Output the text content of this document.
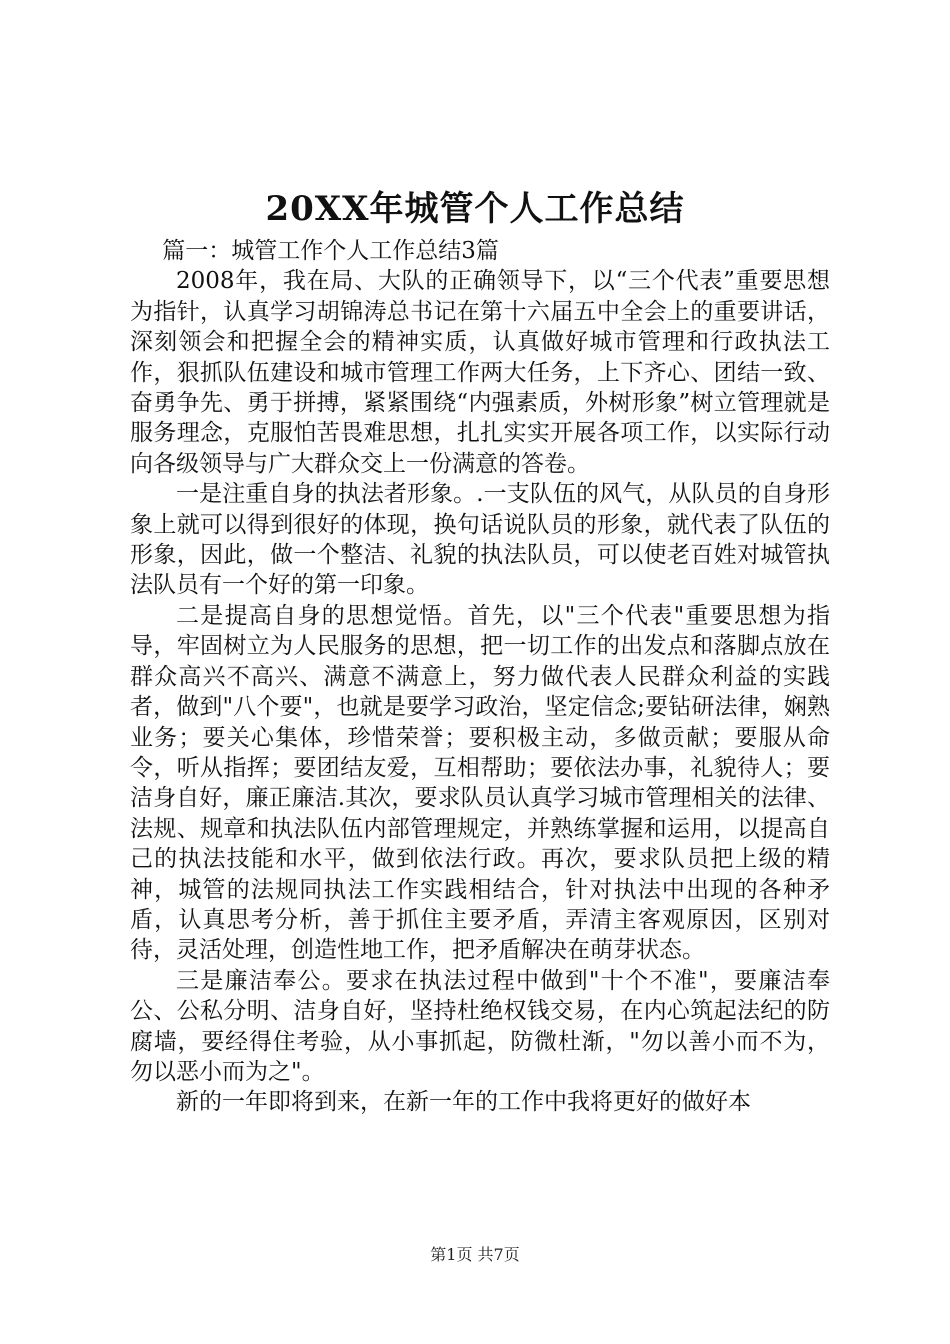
20XX年城管个人工作总结

篇一：城管工作个人工作总结3篇

2008年，我在局、大队的正确领导下，以“三个代表”重要思想为指针，认真学习胡锦涛总书记在第十六届五中全会上的重要讲话，深刻领会和把握全会的精神实质，认真做好城市管理和行政执法工作，狠抓队伍建设和城市管理工作两大任务，上下齐心、团结一致、奋勇争先、勇于拼搏，紧紧围绕“内强素质，外树形象”树立管理就是服务理念，克服怕苦畏难思想，扎扎实实开展各项工作，以实际行动向各级领导与广大群众交上一份满意的答卷。

一是注重自身的执法者形象。.一支队伍的风气，从队员的自身形象上就可以得到很好的体现，换句话说队员的形象，就代表了队伍的形象，因此，做一个整洁、礼貌的执法队员，可以使老百姓对城管执法队员有一个好的第一印象。

二是提高自身的思想觉悟。首先，以"三个代表"重要思想为指导，牢固树立为人民服务的思想，把一切工作的出发点和落脚点放在群众高兴不高兴、满意不满意上，努力做代表人民群众利益的实践者，做到"八个要"，也就是要学习政治，坚定信念;要钻研法律，娴熟业务；要关心集体，珍惜荣誉；要积极主动，多做贡献；要服从命令，听从指挥；要团结友爱，互相帮助；要依法办事，礼貌待人；要洁身自好，廉正廉洁.其次，要求队员认真学习城市管理相关的法律、法规、规章和执法队伍内部管理规定，并熟练掌握和运用，以提高自己的执法技能和水平，做到依法行政。再次，要求队员把上级的精神，城管的法规同执法工作实践相结合，针对执法中出现的各种矛盾，认真思考分析，善于抓住主要矛盾，弄清主客观原因，区别对待，灵活处理，创造性地工作，把矛盾解决在萌芽状态。

三是廉洁奉公。要求在执法过程中做到"十个不准"，要廉洁奉公、公私分明、洁身自好，坚持杜绝权钱交易，在内心筑起法纪的防腐墙，要经得住考验，从小事抓起，防微杜渐，"勿以善小而不为，勿以恶小而为之"。

新的一年即将到来，在新一年的工作中我将更好的做好本

第1页 共7页
